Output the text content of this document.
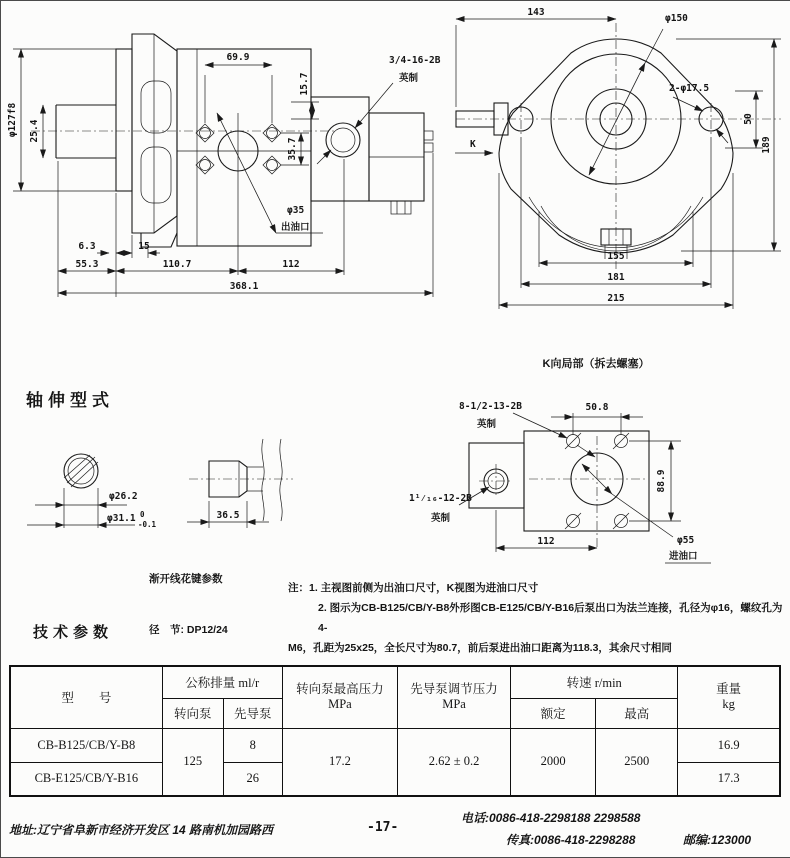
φ127f8 25.4
69.9
15.7
35.7
3/4-16-2B
英制
φ35
出油口
6.3	15
55.3	110.7	112
368.1
143
φ150
2-φ17.5
50
189
K
155
181
215
轴伸型式
φ26.2
φ31.1 0
-0.1
36.5

渐开线花键参数

径　节: DP12/24

K向局部（拆去螺塞）
50.8
88.9
112
8-1/2-13-2B
英制
1¹⁄₁₆-12-2B
英制
φ55
进油口
注：1. 主视图前侧为出油口尺寸，K视图为进油口尺寸
2. 图示为CB-B125/CB/Y-B8外形图CB-E125/CB/Y-B16后泵出口为法兰连接，孔径为φ16，螺纹孔为4-
M6，孔距为25x25，全长尺寸为80.7，前后泵进出油口距离为118.3，其余尺寸相同
技术参数
型　　号	公称排量 ml/r		转向泵最高压力
MPa	先导泵调节压力
MPa	转速 r/min		重量
kg

	转向泵	先导泵			额定	最高	
CB-B125/CB/Y-B8	125	8	17.2	2.62 ± 0.2	2000	2500	16.9
CB-E125/CB/Y-B16		26					17.3
地址:辽宁省阜新市经济开发区 14 路南机加园路西	-17-
电话:0086-418-2298188 2298588
传真:0086-418-2298288	邮编:123000
